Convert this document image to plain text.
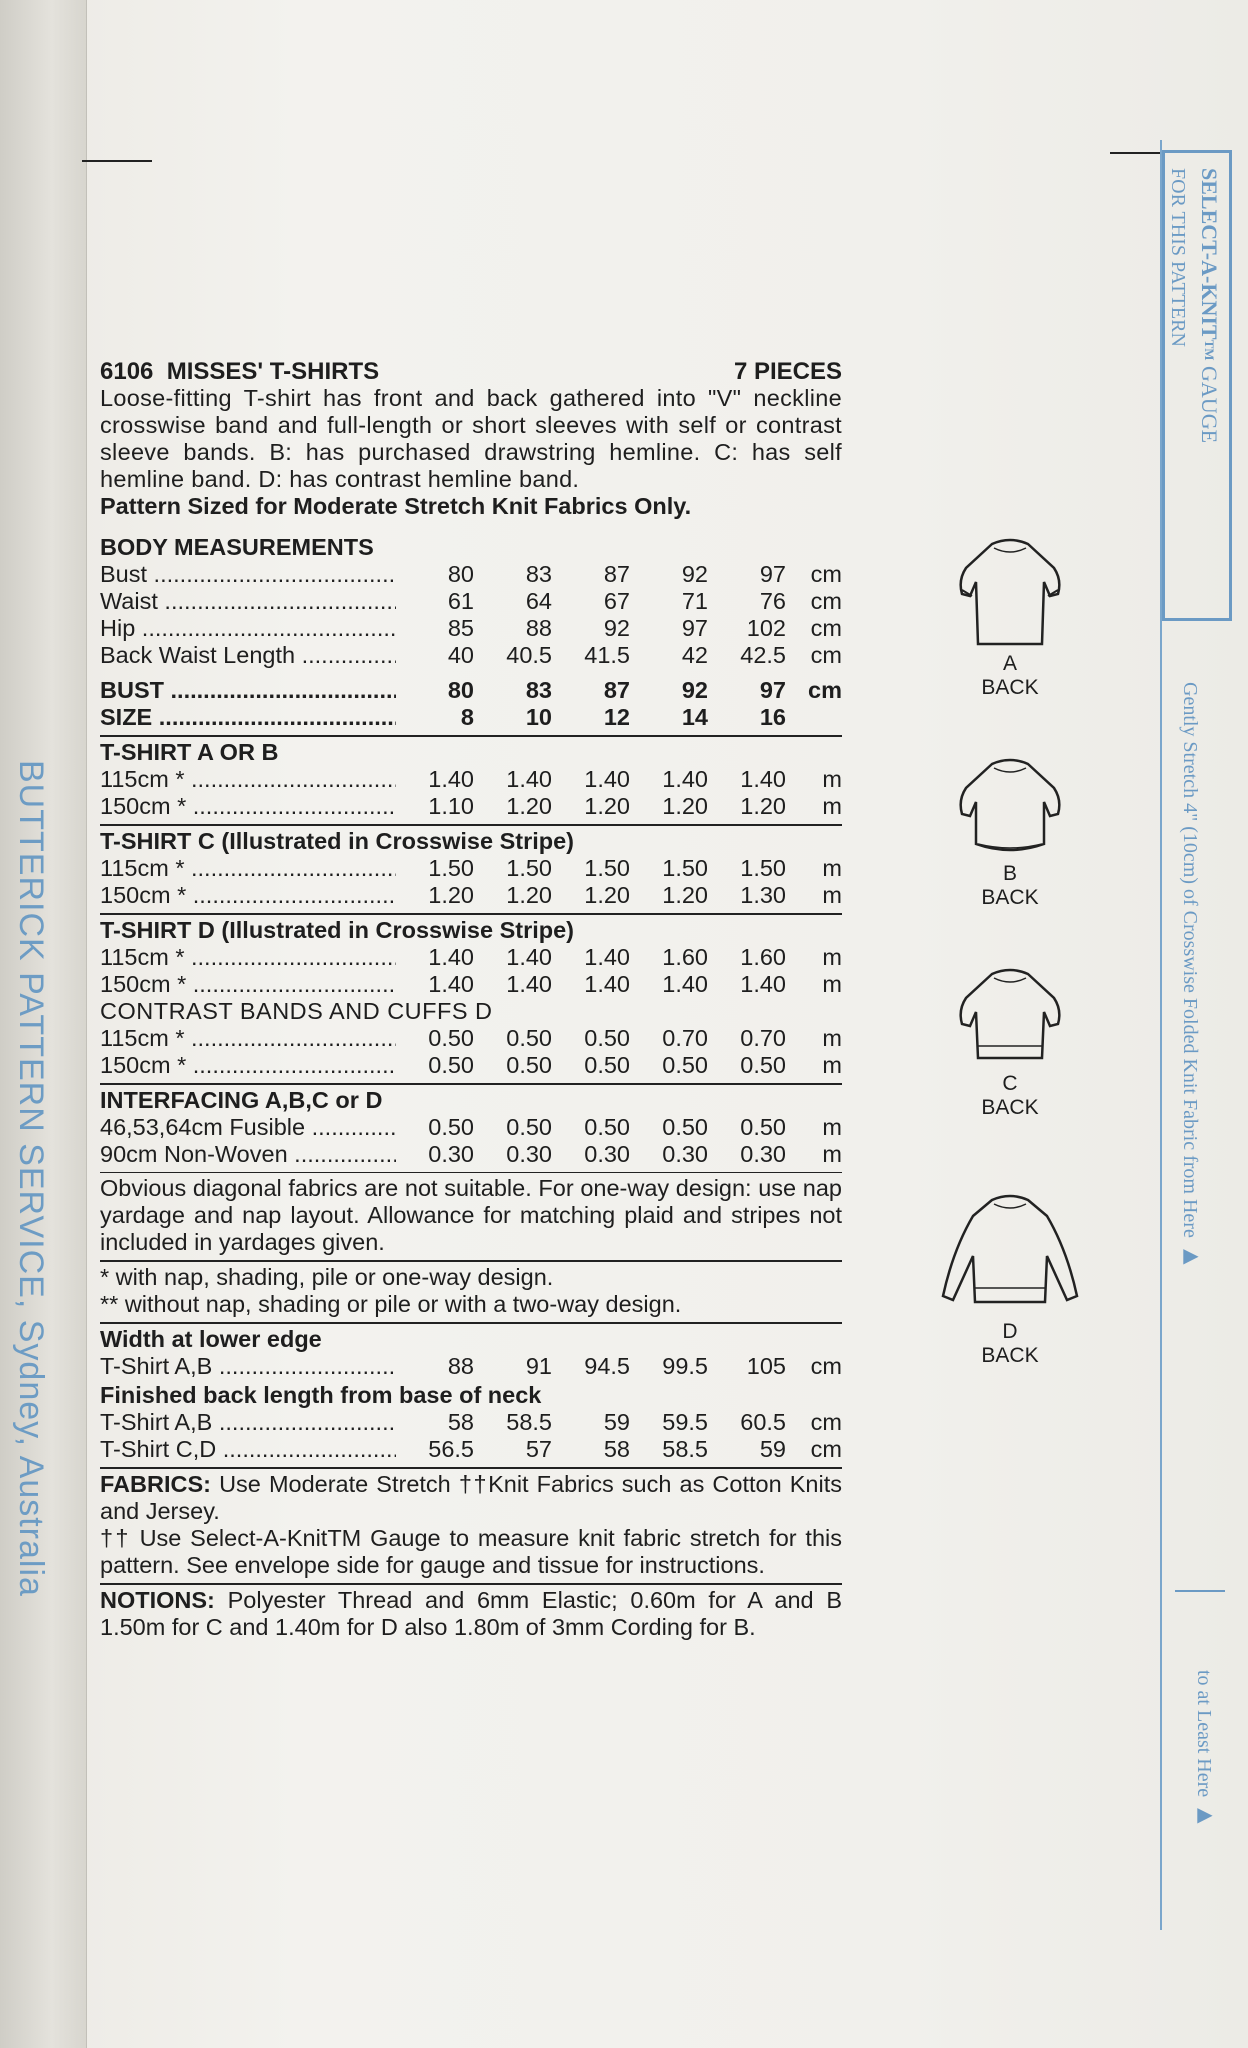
BUTTERICK PATTERN SERVICE, Sydney, Australia
SELECT-A-KNITTM GAUGE
FOR THIS PATTERN
Gently Stretch 4" (10cm) of Crosswise Folded Knit Fabric from Here ▶
to at Least Here ▶
6106 MISSES' T-SHIRTS	7 PIECES

Loose-fitting T-shirt has front and back gathered into "V" neckline crosswise band and full-length or short sleeves with self or contrast sleeve bands. B: has purchased drawstring hemline. C: has self hemline band. D: has contrast hemline band.

Pattern Sized for Moderate Stretch Knit Fabrics Only.
BODY MEASUREMENTS
Bust .....	80	83	87	92	97	cm
Waist .....	61	64	67	71	76	cm
Hip .....	85	88	92	97	102	cm
Back Waist Length .....	40	40.5	41.5	42	42.5	cm
BUST .....	80	83	87	92	97 cm
SIZE .....	8	10	12	14	16
T-SHIRT A OR B
115cm * .....	1.40	1.40	1.40	1.40	1.40	m
150cm * .....	1.10	1.20	1.20	1.20	1.20	m
T-SHIRT C (Illustrated in Crosswise Stripe)
115cm * .....	1.50	1.50	1.50	1.50	1.50	m
150cm * .....	1.20	1.20	1.20	1.20	1.30	m
T-SHIRT D (Illustrated in Crosswise Stripe)
115cm * .....	1.40	1.40	1.40	1.60	1.60	m
150cm * .....	1.40	1.40	1.40	1.40	1.40	m
CONTRAST BANDS AND CUFFS D
115cm * .....	0.50	0.50	0.50	0.70	0.70	m
150cm * .....	0.50	0.50	0.50	0.50	0.50	m
INTERFACING A,B,C or D
46,53,64cm Fusible .....	0.50	0.50	0.50	0.50	0.50	m
90cm Non-Woven .....	0.30	0.30	0.30	0.30	0.30	m

Obvious diagonal fabrics are not suitable. For one-way design: use nap yardage and nap layout. Allowance for matching plaid and stripes not included in yardages given.

* with nap, shading, pile or one-way design.
** without nap, shading or pile or with a two-way design.
Width at lower edge
T-Shirt A,B .....	88	91	94.5	99.5	105	cm
Finished back length from base of neck
T-Shirt A,B .....	58	58.5	59	59.5	60.5	cm
T-Shirt C,D .....	56.5	57	58	58.5	59	cm

FABRICS: Use Moderate Stretch ††Knit Fabrics such as Cotton Knits and Jersey.

†† Use Select-A-KnitTM Gauge to measure knit fabric stretch for this pattern. See envelope side for gauge and tissue for instructions.

NOTIONS: Polyester Thread and 6mm Elastic; 0.60m for A and B 1.50m for C and 1.40m for D also 1.80m of 3mm Cording for B.

A
BACK
B
BACK
C
BACK
D
BACK
